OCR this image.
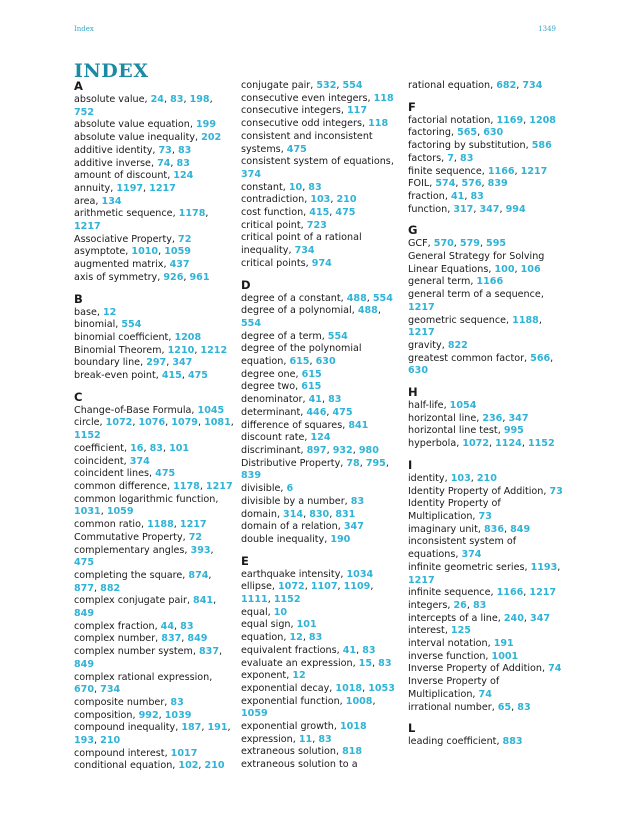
Index	1349
INDEX
A
absolute value, 24, 83, 198, 752
absolute value equation, 199
absolute value inequality, 202
additive identity, 73, 83
additive inverse, 74, 83
amount of discount, 124
annuity, 1197, 1217
area, 134
arithmetic sequence, 1178, 1217
Associative Property, 72
asymptote, 1010, 1059
augmented matrix, 437
axis of symmetry, 926, 961
B
base, 12
binomial, 554
binomial coefficient, 1208
Binomial Theorem, 1210, 1212
boundary line, 297, 347
break-even point, 415, 475
C
Change-of-Base Formula, 1045
circle, 1072, 1076, 1079, 1081, 1152
coefficient, 16, 83, 101
coincident, 374
coincident lines, 475
common difference, 1178, 1217
common logarithmic function, 1031, 1059
common ratio, 1188, 1217
Commutative Property, 72
complementary angles, 393, 475
completing the square, 874, 877, 882
complex conjugate pair, 841, 849
complex fraction, 44, 83
complex number, 837, 849
complex number system, 837, 849
complex rational expression, 670, 734
composite number, 83
composition, 992, 1039
compound inequality, 187, 191, 193, 210
compound interest, 1017
conditional equation, 102, 210
conjugate pair, 532, 554
consecutive even integers, 118
consecutive integers, 117
consecutive odd integers, 118
consistent and inconsistent systems, 475
consistent system of equations, 374
constant, 10, 83
contradiction, 103, 210
cost function, 415, 475
critical point, 723
critical point of a rational inequality, 734
critical points, 974
D
degree of a constant, 488, 554
degree of a polynomial, 488, 554
degree of a term, 554
degree of the polynomial equation, 615, 630
degree one, 615
degree two, 615
denominator, 41, 83
determinant, 446, 475
difference of squares, 841
discount rate, 124
discriminant, 897, 932, 980
Distributive Property, 78, 795, 839
divisible, 6
divisible by a number, 83
domain, 314, 830, 831
domain of a relation, 347
double inequality, 190
E
earthquake intensity, 1034
ellipse, 1072, 1107, 1109, 1111, 1152
equal, 10
equal sign, 101
equation, 12, 83
equivalent fractions, 41, 83
evaluate an expression, 15, 83
exponent, 12
exponential decay, 1018, 1053
exponential function, 1008, 1059
exponential growth, 1018
expression, 11, 83
extraneous solution, 818
extraneous solution to a
rational equation, 682, 734
F
factorial notation, 1169, 1208
factoring, 565, 630
factoring by substitution, 586
factors, 7, 83
finite sequence, 1166, 1217
FOIL, 574, 576, 839
fraction, 41, 83
function, 317, 347, 994
G
GCF, 570, 579, 595
General Strategy for Solving Linear Equations, 100, 106
general term, 1166
general term of a sequence, 1217
geometric sequence, 1188, 1217
gravity, 822
greatest common factor, 566, 630
H
half-life, 1054
horizontal line, 236, 347
horizontal line test, 995
hyperbola, 1072, 1124, 1152
I
identity, 103, 210
Identity Property of Addition, 73
Identity Property of Multiplication, 73
imaginary unit, 836, 849
inconsistent system of equations, 374
infinite geometric series, 1193, 1217
infinite sequence, 1166, 1217
integers, 26, 83
intercepts of a line, 240, 347
interest, 125
interval notation, 191
inverse function, 1001
Inverse Property of Addition, 74
Inverse Property of Multiplication, 74
irrational number, 65, 83
L
leading coefficient, 883
